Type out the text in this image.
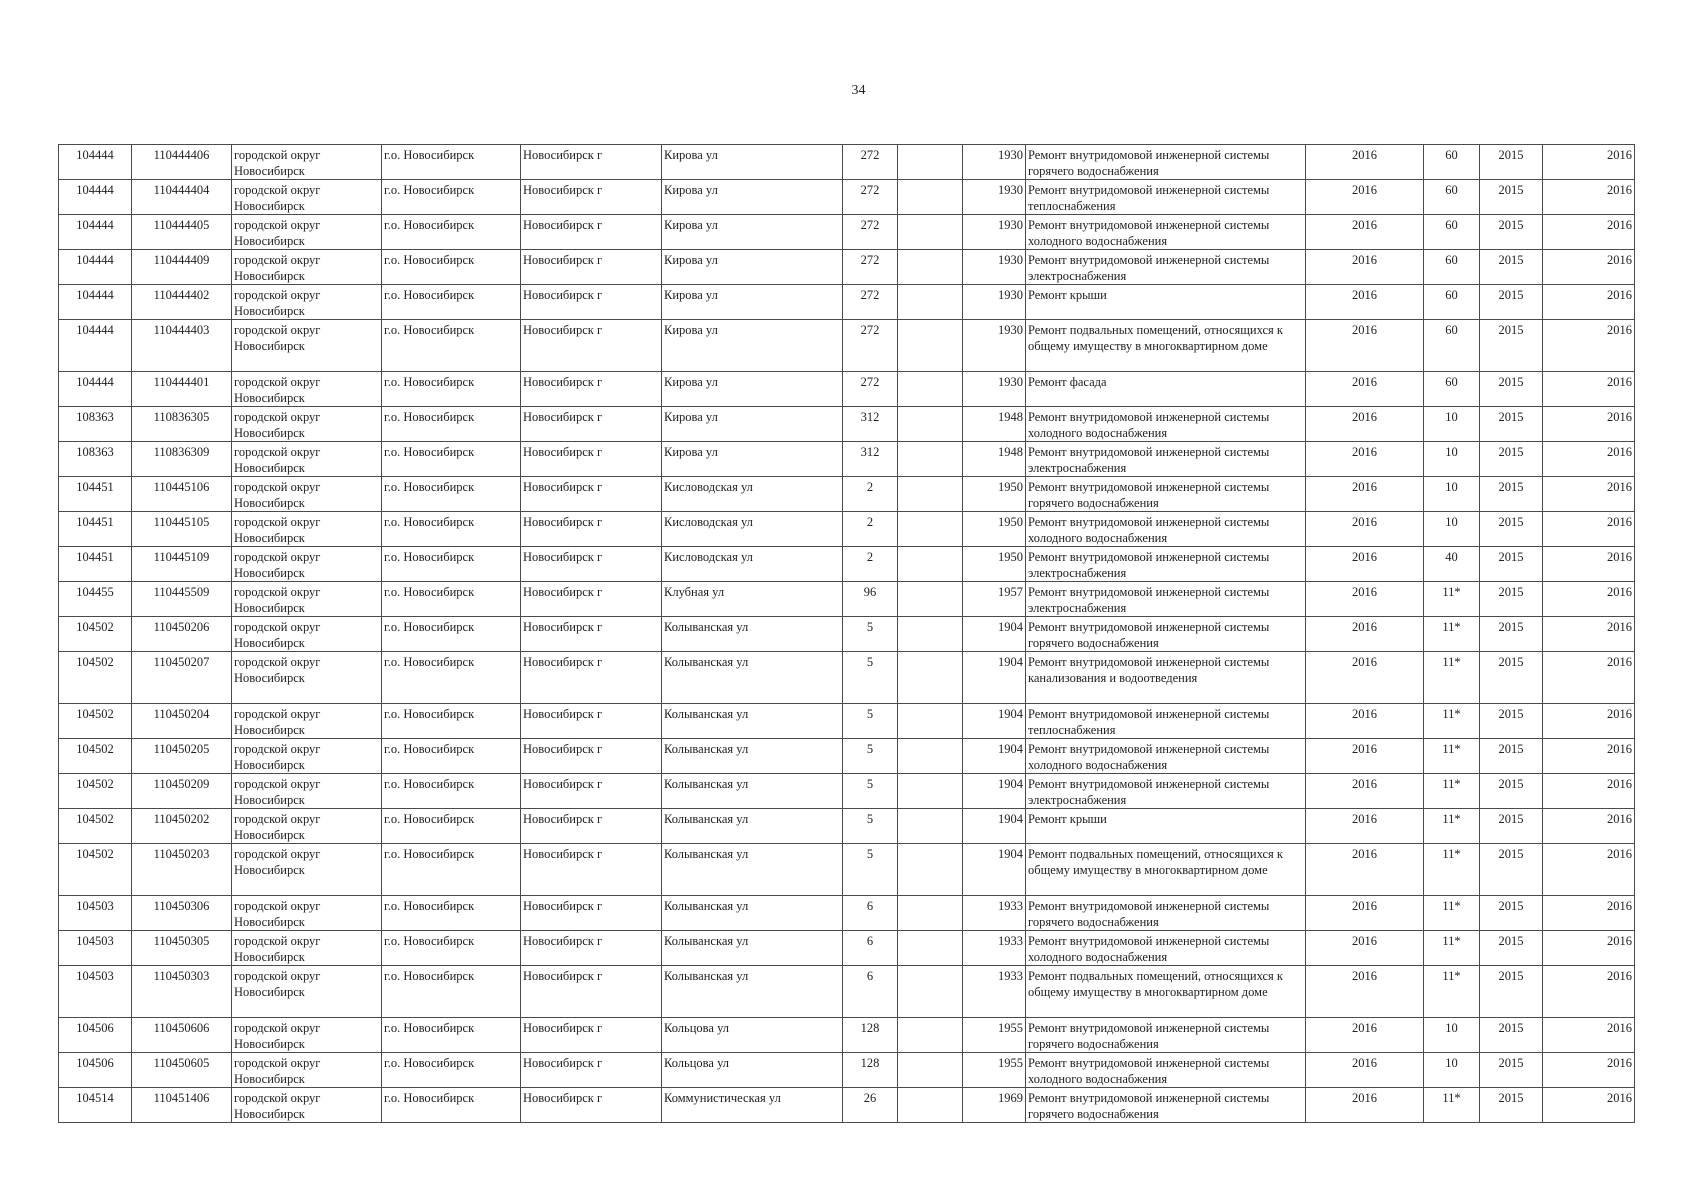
34
104444	110444406	городской округ Новосибирск	г.о. Новосибирск	Новосибирск г	Кирова ул	272		1930	Ремонт внутридомовой инженерной системы горячего водоснабжения	2016	60	2015	2016
104444	110444404	городской округ Новосибирск	г.о. Новосибирск	Новосибирск г	Кирова ул	272		1930	Ремонт внутридомовой инженерной системы теплоснабжения	2016	60	2015	2016
104444	110444405	городской округ Новосибирск	г.о. Новосибирск	Новосибирск г	Кирова ул	272		1930	Ремонт внутридомовой инженерной системы холодного водоснабжения	2016	60	2015	2016
104444	110444409	городской округ Новосибирск	г.о. Новосибирск	Новосибирск г	Кирова ул	272		1930	Ремонт внутридомовой инженерной системы электроснабжения	2016	60	2015	2016
104444	110444402	городской округ Новосибирск	г.о. Новосибирск	Новосибирск г	Кирова ул	272		1930	Ремонт крыши	2016	60	2015	2016
104444	110444403	городской округ Новосибирск	г.о. Новосибирск	Новосибирск г	Кирова ул	272		1930	Ремонт подвальных помещений, относящихся к общему имуществу в многоквартирном доме	2016	60	2015	2016
104444	110444401	городской округ Новосибирск	г.о. Новосибирск	Новосибирск г	Кирова ул	272		1930	Ремонт фасада	2016	60	2015	2016
108363	110836305	городской округ Новосибирск	г.о. Новосибирск	Новосибирск г	Кирова ул	312		1948	Ремонт внутридомовой инженерной системы холодного водоснабжения	2016	10	2015	2016
108363	110836309	городской округ Новосибирск	г.о. Новосибирск	Новосибирск г	Кирова ул	312		1948	Ремонт внутридомовой инженерной системы электроснабжения	2016	10	2015	2016
104451	110445106	городской округ Новосибирск	г.о. Новосибирск	Новосибирск г	Кисловодская ул	2		1950	Ремонт внутридомовой инженерной системы горячего водоснабжения	2016	10	2015	2016
104451	110445105	городской округ Новосибирск	г.о. Новосибирск	Новосибирск г	Кисловодская ул	2		1950	Ремонт внутридомовой инженерной системы холодного водоснабжения	2016	10	2015	2016
104451	110445109	городской округ Новосибирск	г.о. Новосибирск	Новосибирск г	Кисловодская ул	2		1950	Ремонт внутридомовой инженерной системы электроснабжения	2016	40	2015	2016
104455	110445509	городской округ Новосибирск	г.о. Новосибирск	Новосибирск г	Клубная ул	96		1957	Ремонт внутридомовой инженерной системы электроснабжения	2016	11*	2015	2016
104502	110450206	городской округ Новосибирск	г.о. Новосибирск	Новосибирск г	Колыванская ул	5		1904	Ремонт внутридомовой инженерной системы горячего водоснабжения	2016	11*	2015	2016
104502	110450207	городской округ Новосибирск	г.о. Новосибирск	Новосибирск г	Колыванская ул	5		1904	Ремонт внутридомовой инженерной системы канализования и водоотведения	2016	11*	2015	2016
104502	110450204	городской округ Новосибирск	г.о. Новосибирск	Новосибирск г	Колыванская ул	5		1904	Ремонт внутридомовой инженерной системы теплоснабжения	2016	11*	2015	2016
104502	110450205	городской округ Новосибирск	г.о. Новосибирск	Новосибирск г	Колыванская ул	5		1904	Ремонт внутридомовой инженерной системы холодного водоснабжения	2016	11*	2015	2016
104502	110450209	городской округ Новосибирск	г.о. Новосибирск	Новосибирск г	Колыванская ул	5		1904	Ремонт внутридомовой инженерной системы электроснабжения	2016	11*	2015	2016
104502	110450202	городской округ Новосибирск	г.о. Новосибирск	Новосибирск г	Колыванская ул	5		1904	Ремонт крыши	2016	11*	2015	2016
104502	110450203	городской округ Новосибирск	г.о. Новосибирск	Новосибирск г	Колыванская ул	5		1904	Ремонт подвальных помещений, относящихся к общему имуществу в многоквартирном доме	2016	11*	2015	2016
104503	110450306	городской округ Новосибирск	г.о. Новосибирск	Новосибирск г	Колыванская ул	6		1933	Ремонт внутридомовой инженерной системы горячего водоснабжения	2016	11*	2015	2016
104503	110450305	городской округ Новосибирск	г.о. Новосибирск	Новосибирск г	Колыванская ул	6		1933	Ремонт внутридомовой инженерной системы холодного водоснабжения	2016	11*	2015	2016
104503	110450303	городской округ Новосибирск	г.о. Новосибирск	Новосибирск г	Колыванская ул	6		1933	Ремонт подвальных помещений, относящихся к общему имуществу в многоквартирном доме	2016	11*	2015	2016
104506	110450606	городской округ Новосибирск	г.о. Новосибирск	Новосибирск г	Кольцова ул	128		1955	Ремонт внутридомовой инженерной системы горячего водоснабжения	2016	10	2015	2016
104506	110450605	городской округ Новосибирск	г.о. Новосибирск	Новосибирск г	Кольцова ул	128		1955	Ремонт внутридомовой инженерной системы холодного водоснабжения	2016	10	2015	2016
104514	110451406	городской округ Новосибирск	г.о. Новосибирск	Новосибирск г	Коммунистическая ул	26		1969	Ремонт внутридомовой инженерной системы горячего водоснабжения	2016	11*	2015	2016
